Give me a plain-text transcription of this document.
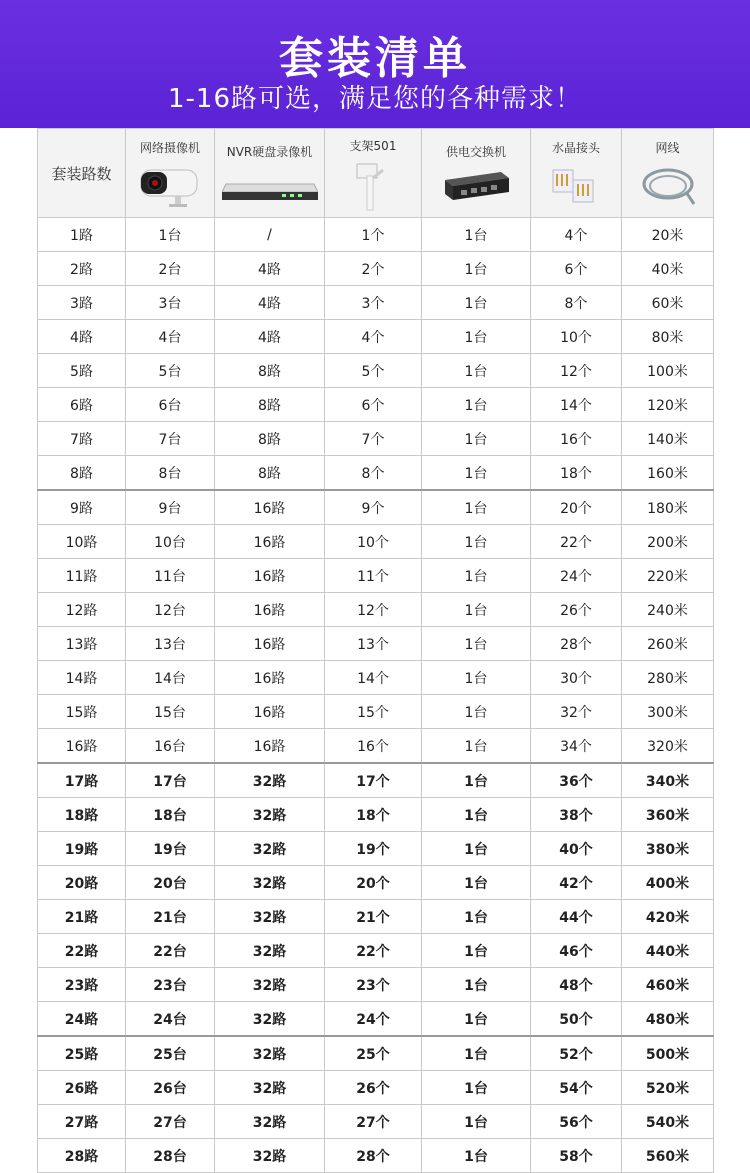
套装清单
1-16路可选，满足您的各种需求！
套装路数	网络摄像机	NVR硬盘录像机	支架501	供电交换机	水晶接头	网线

1路	1台	/	1个	1台	4个	20米
2路	2台	4路	2个	1台	6个	40米
3路	3台	4路	3个	1台	8个	60米
4路	4台	4路	4个	1台	10个	80米
5路	5台	8路	5个	1台	12个	100米
6路	6台	8路	6个	1台	14个	120米
7路	7台	8路	7个	1台	16个	140米
8路	8台	8路	8个	1台	18个	160米
9路	9台	16路	9个	1台	20个	180米
10路	10台	16路	10个	1台	22个	200米
11路	11台	16路	11个	1台	24个	220米
12路	12台	16路	12个	1台	26个	240米
13路	13台	16路	13个	1台	28个	260米
14路	14台	16路	14个	1台	30个	280米
15路	15台	16路	15个	1台	32个	300米
16路	16台	16路	16个	1台	34个	320米
17路	17台	32路	17个	1台	36个	340米
18路	18台	32路	18个	1台	38个	360米
19路	19台	32路	19个	1台	40个	380米
20路	20台	32路	20个	1台	42个	400米
21路	21台	32路	21个	1台	44个	420米
22路	22台	32路	22个	1台	46个	440米
23路	23台	32路	23个	1台	48个	460米
24路	24台	32路	24个	1台	50个	480米
25路	25台	32路	25个	1台	52个	500米
26路	26台	32路	26个	1台	54个	520米
27路	27台	32路	27个	1台	56个	540米
28路	28台	32路	28个	1台	58个	560米
